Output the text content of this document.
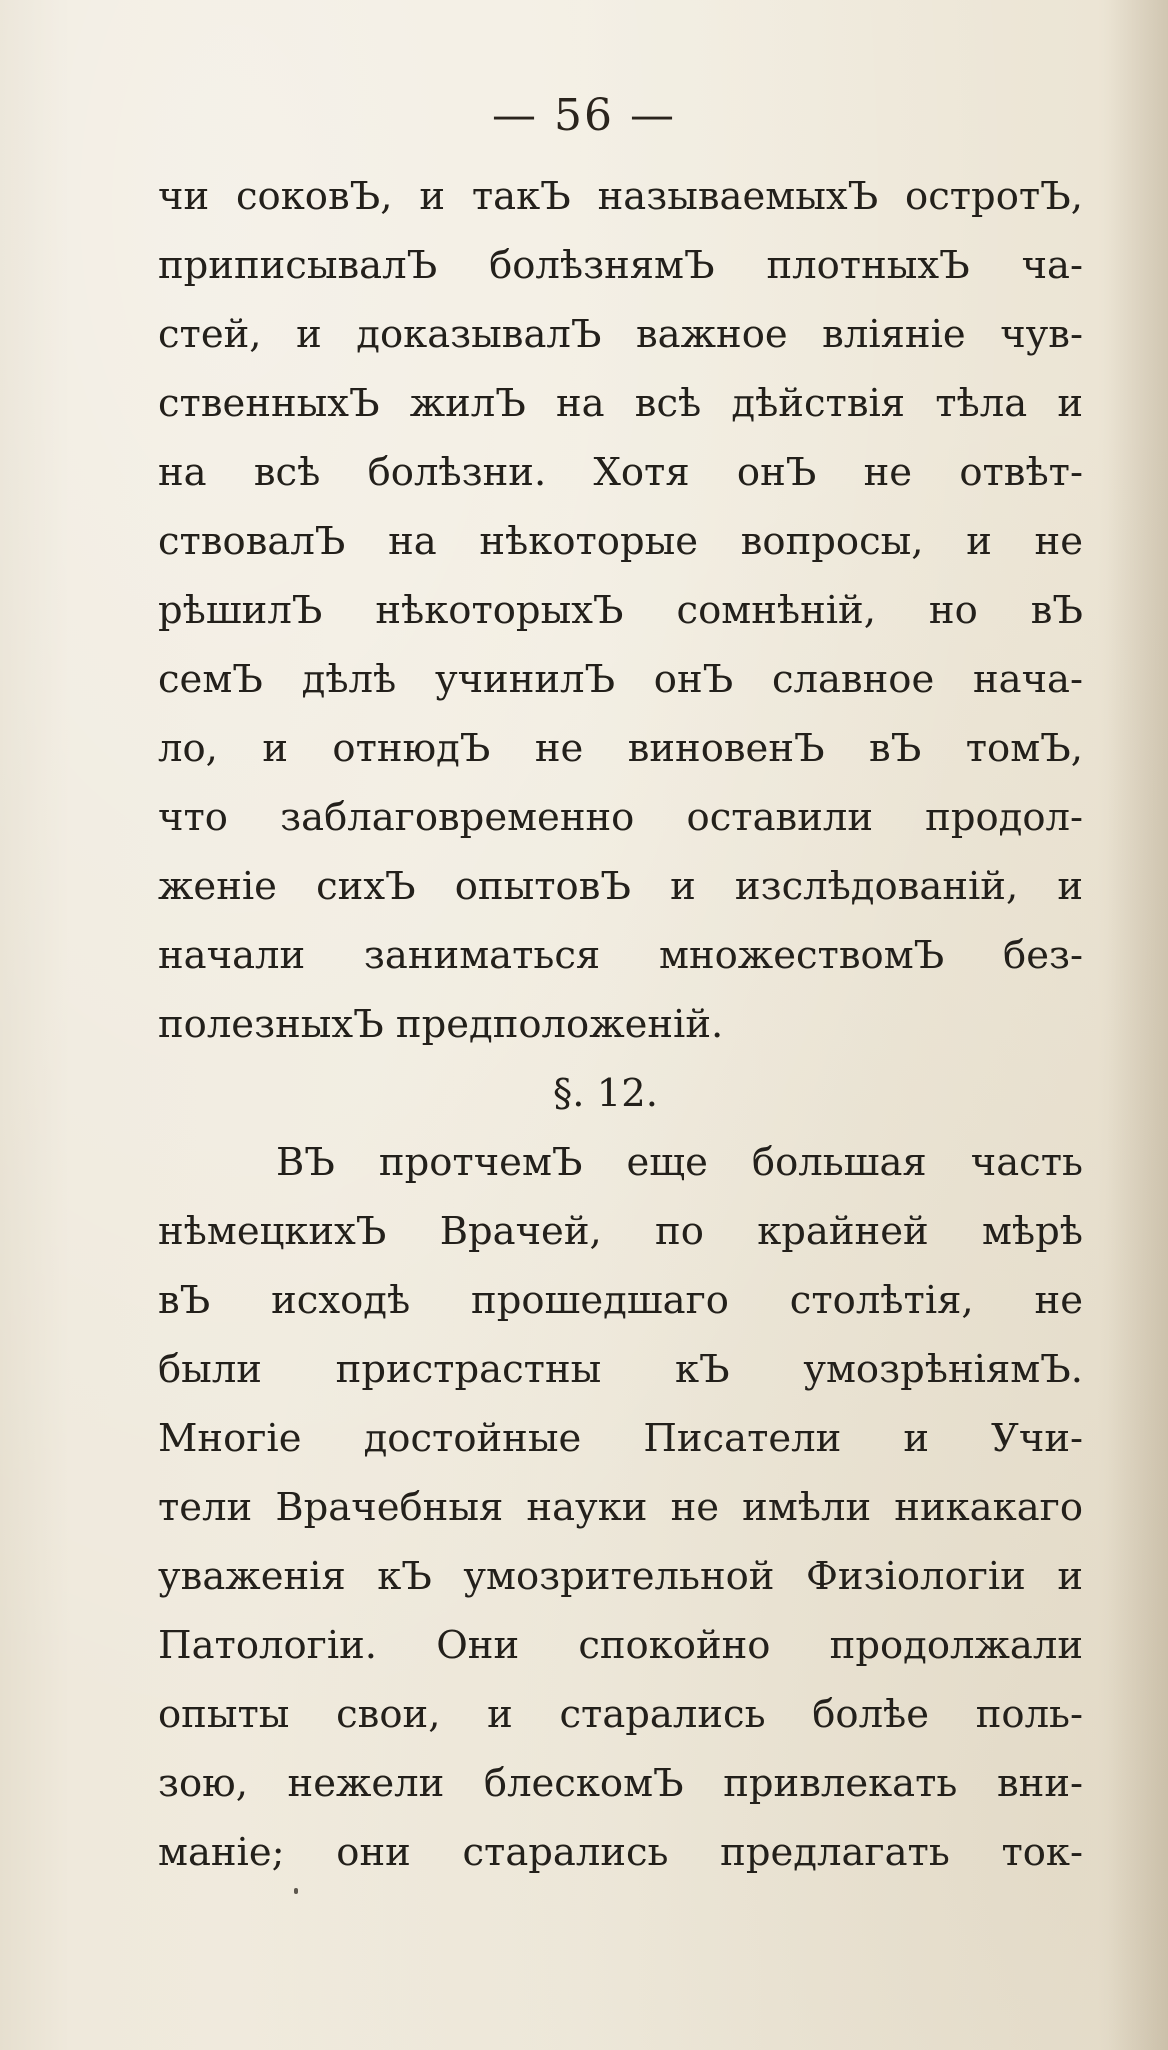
— 56 —
чи соковЪ, и такЪ называемыхЪ остротЪ,
приписывалЪ болѣзнямЪ плотныхЪ ча-
стей, и доказывалЪ важное вліяніе чув-
ственныхЪ жилЪ на всѣ дѣйствія тѣла и
на всѣ болѣзни. Хотя онЪ не отвѣт-
ствовалЪ на нѣкоторые вопросы, и не
рѣшилЪ нѣкоторыхЪ сомнѣній, но вЪ
семЪ дѣлѣ учинилЪ онЪ славное нача-
ло, и отнюдЪ не виновенЪ вЪ томЪ,
что заблаговременно оставили продол-
женіе сихЪ опытовЪ и изслѣдованій, и
начали заниматься множествомЪ без-
полезныхЪ предположеній.
§. 12.
ВЪ протчемЪ еще большая часть
нѣмецкихЪ Врачей, по крайней мѣрѣ
вЪ исходѣ прошедшаго столѣтія, не
были пристрастны кЪ умозрѣніямЪ.
Многіе достойные Писатели и Учи-
тели Врачебныя науки не имѣли никакаго
уваженія кЪ умозрительной Физіологіи и
Патологіи. Они спокойно продолжали
опыты свои, и старались болѣе поль-
зою, нежели блескомЪ привлекать вни-
маніе; они старались предлагать ток-
